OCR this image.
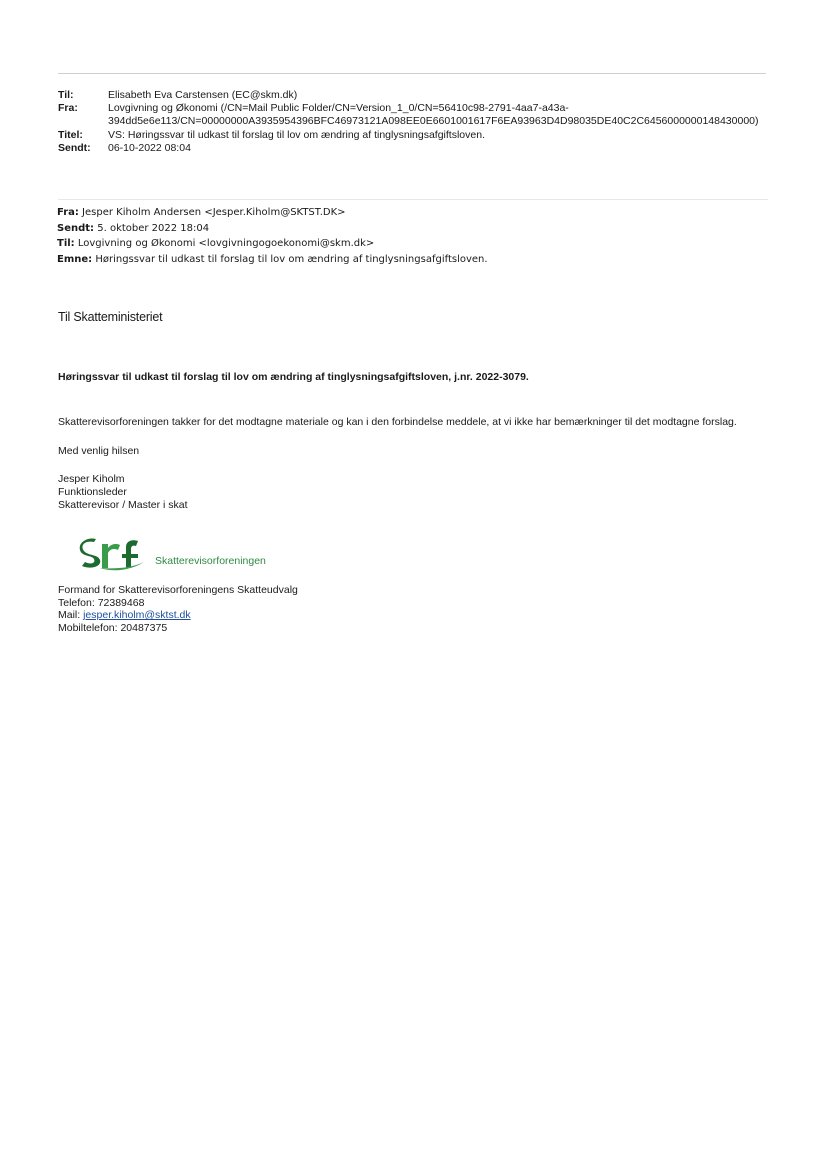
Til:	Elisabeth Eva Carstensen (EC@skm.dk)
Fra:	Lovgivning og Økonomi (/CN=Mail Public Folder/CN=Version_1_0/CN=56410c98-2791-4aa7-a43a-
394dd5e6e113/CN=00000000A3935954396BFC46973121A098EE0E6601001617F6EA93963D4D98035DE40C2C6456000000148430000)
Titel:	VS: Høringssvar til udkast til forslag til lov om ændring af tinglysningsafgiftsloven.
Sendt:	06-10-2022 08:04
Fra: Jesper Kiholm Andersen <Jesper.Kiholm@SKTST.DK>
Sendt: 5. oktober 2022 18:04
Til: Lovgivning og Økonomi <lovgivningogoekonomi@skm.dk>
Emne: Høringssvar til udkast til forslag til lov om ændring af tinglysningsafgiftsloven.
Til Skatteministeriet
Høringssvar til udkast til forslag til lov om ændring af tinglysningsafgiftsloven, j.nr. 2022-3079.
Skatterevisorforeningen takker for det modtagne materiale og kan i den forbindelse meddele, at vi ikke har bemærkninger til det modtagne forslag.
Med venlig hilsen
Jesper Kiholm
Funktionsleder
Skatterevisor / Master i skat
Skatterevisorforeningen
Formand for Skatterevisorforeningens Skatteudvalg
Telefon: 72389468
Mail: jesper.kiholm@sktst.dk
Mobiltelefon: 20487375
